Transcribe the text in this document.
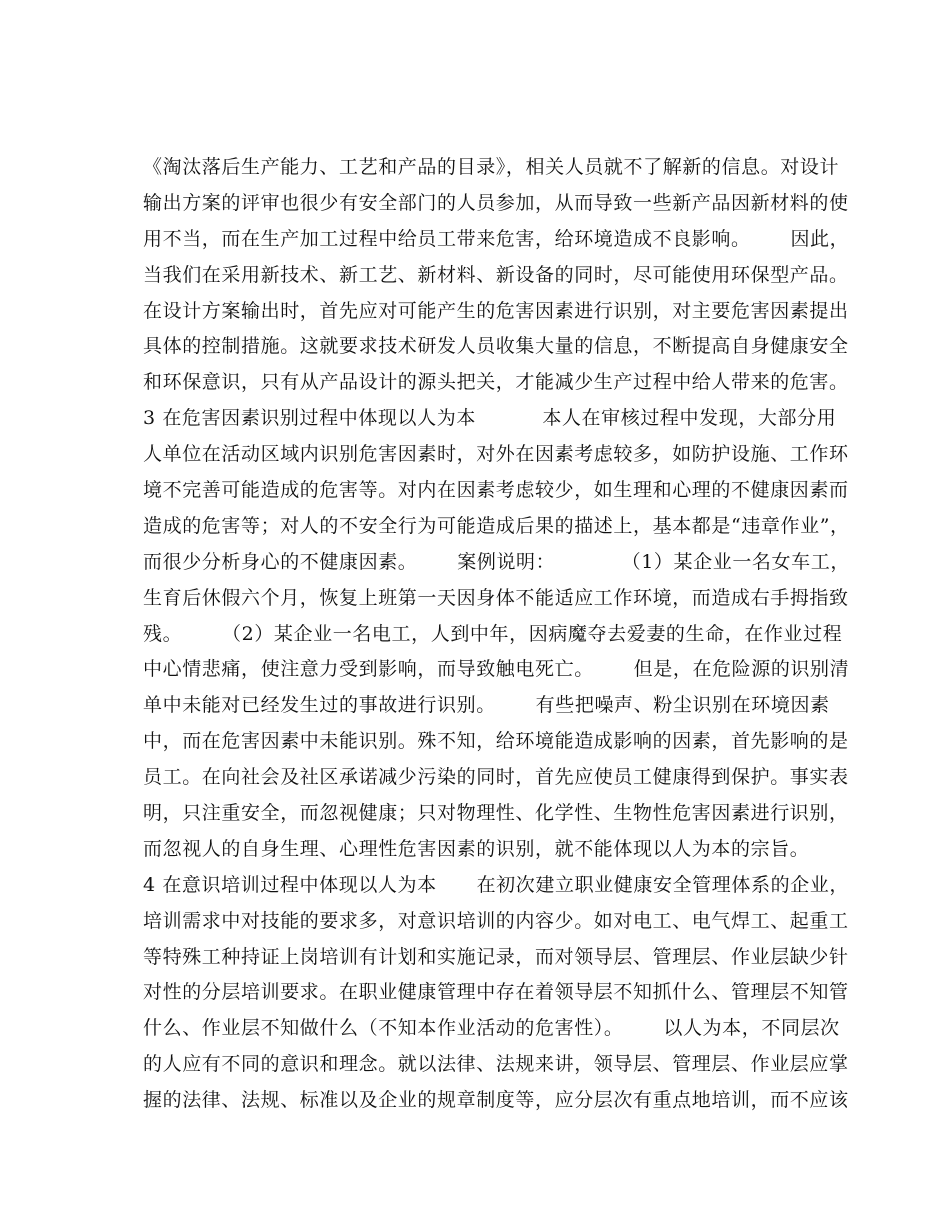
《淘汰落后生产能力、工艺和产品的目录》，相关人员就不了解新的信息。对设计
输出方案的评审也很少有安全部门的人员参加，从而导致一些新产品因新材料的使
用不当，而在生产加工过程中给员工带来危害，给环境造成不良影响。      因此，
当我们在采用新技术、新工艺、新材料、新设备的同时，尽可能使用环保型产品。
在设计方案输出时，首先应对可能产生的危害因素进行识别，对主要危害因素提出
具体的控制措施。这就要求技术研发人员收集大量的信息，不断提高自身健康安全
和环保意识，只有从产品设计的源头把关，才能减少生产过程中给人带来的危害。
3 在危害因素识别过程中体现以人为本          本人在审核过程中发现，大部分用
人单位在活动区域内识别危害因素时，对外在因素考虑较多，如防护设施、工作环
境不完善可能造成的危害等。对内在因素考虑较少，如生理和心理的不健康因素而
造成的危害等；对人的不安全行为可能造成后果的描述上，基本都是“违章作业”，
而很少分析身心的不健康因素。      案例说明：          （1）某企业一名女车工，
生育后休假六个月，恢复上班第一天因身体不能适应工作环境，而造成右手拇指致
残。      （2）某企业一名电工，人到中年，因病魔夺去爱妻的生命，在作业过程
中心情悲痛，使注意力受到影响，而导致触电死亡。      但是，在危险源的识别清
单中未能对已经发生过的事故进行识别。      有些把噪声、粉尘识别在环境因素
中，而在危害因素中未能识别。殊不知，给环境能造成影响的因素，首先影响的是
员工。在向社会及社区承诺减少污染的同时，首先应使员工健康得到保护。事实表
明，只注重安全，而忽视健康；只对物理性、化学性、生物性危害因素进行识别，
而忽视人的自身生理、心理性危害因素的识别，就不能体现以人为本的宗旨。
4 在意识培训过程中体现以人为本      在初次建立职业健康安全管理体系的企业，
培训需求中对技能的要求多，对意识培训的内容少。如对电工、电气焊工、起重工
等特殊工种持证上岗培训有计划和实施记录，而对领导层、管理层、作业层缺少针
对性的分层培训要求。在职业健康管理中存在着领导层不知抓什么、管理层不知管
什么、作业层不知做什么（不知本作业活动的危害性）。      以人为本，不同层次
的人应有不同的意识和理念。就以法律、法规来讲，领导层、管理层、作业层应掌
握的法律、法规、标准以及企业的规章制度等，应分层次有重点地培训，而不应该
